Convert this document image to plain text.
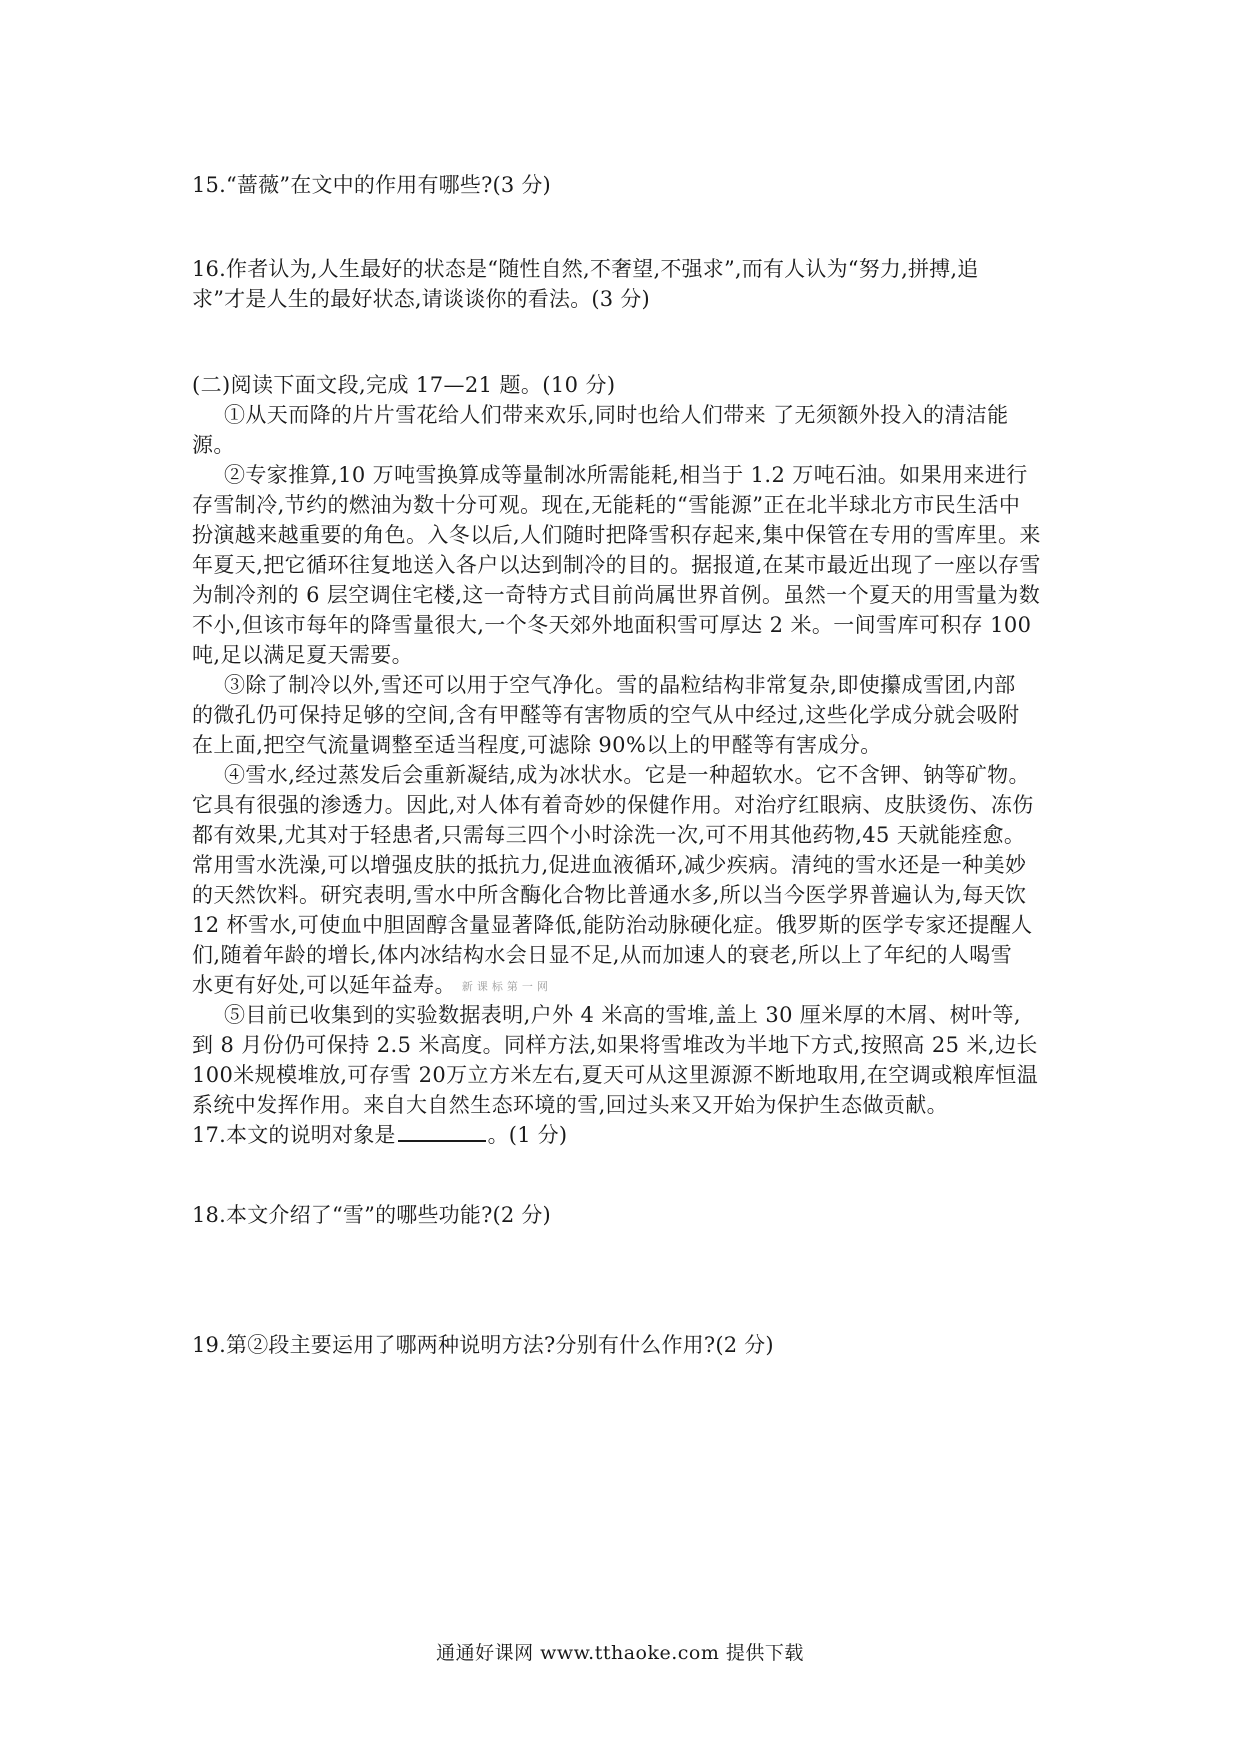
15.“蔷薇”在文中的作用有哪些?(3 分)
16.作者认为,人生最好的状态是“随性自然,不奢望,不强求”,而有人认为“努力,拼搏,追
求”才是人生的最好状态,请谈谈你的看法。(3 分)
(二)阅读下面文段,完成 17—21 题。(10 分)
①从天而降的片片雪花给人们带来欢乐,同时也给人们带来 了无须额外投入的清洁能
源。
②专家推算,10 万吨雪换算成等量制冰所需能耗,相当于 1.2 万吨石油。如果用来进行
存雪制冷,节约的燃油为数十分可观。现在,无能耗的“雪能源”正在北半球北方市民生活中
扮演越来越重要的角色。入冬以后,人们随时把降雪积存起来,集中保管在专用的雪库里。来
年夏天,把它循环往复地送入各户以达到制冷的目的。据报道,在某市最近出现了一座以存雪
为制冷剂的 6 层空调住宅楼,这一奇特方式目前尚属世界首例。虽然一个夏天的用雪量为数
不小,但该市每年的降雪量很大,一个冬天郊外地面积雪可厚达 2 米。一间雪库可积存 100
吨,足以满足夏天需要。
③除了制冷以外,雪还可以用于空气净化。雪的晶粒结构非常复杂,即使攥成雪团,内部
的微孔仍可保持足够的空间,含有甲醛等有害物质的空气从中经过,这些化学成分就会吸附
在上面,把空气流量调整至适当程度,可滤除 90%以上的甲醛等有害成分。
④雪水,经过蒸发后会重新凝结,成为冰状水。它是一种超软水。它不含钾、钠等矿物。
它具有很强的渗透力。因此,对人体有着奇妙的保健作用。对治疗红眼病、皮肤烫伤、冻伤
都有效果,尤其对于轻患者,只需每三四个小时涂洗一次,可不用其他药物,45 天就能痊愈。
常用雪水洗澡,可以增强皮肤的抵抗力,促进血液循环,减少疾病。清纯的雪水还是一种美妙
的天然饮料。研究表明,雪水中所含酶化合物比普通水多,所以当今医学界普遍认为,每天饮
12 杯雪水,可使血中胆固醇含量显著降低,能防治动脉硬化症。俄罗斯的医学专家还提醒人
们,随着年龄的增长,体内冰结构水会日显不足,从而加速人的衰老,所以上了年纪的人喝雪
水更有好处,可以延年益寿。 新课标第一网
⑤目前已收集到的实验数据表明,户外 4 米高的雪堆,盖上 30 厘米厚的木屑、树叶等,
到 8 月份仍可保持 2.5 米高度。同样方法,如果将雪堆改为半地下方式,按照高 25 米,边长
100米规模堆放,可存雪 20万立方米左右,夏天可从这里源源不断地取用,在空调或粮库恒温
系统中发挥作用。来自大自然生态环境的雪,回过头来又开始为保护生态做贡献。
17.本文的说明对象是	。(1 分)
18.本文介绍了“雪”的哪些功能?(2 分)
19.第②段主要运用了哪两种说明方法?分别有什么作用?(2 分)
通通好课网 www.tthaoke.com 提供下载
